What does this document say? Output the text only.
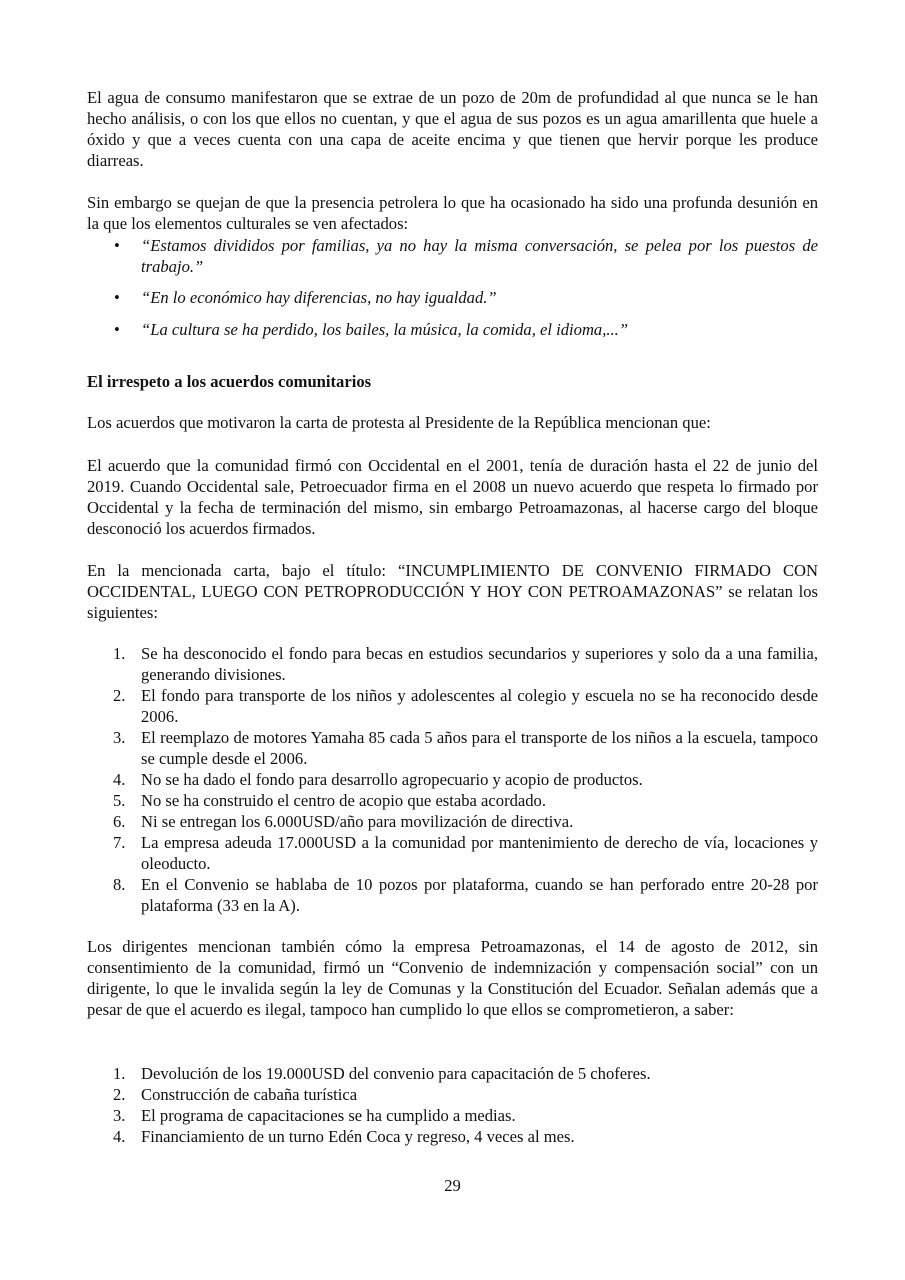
El agua de consumo manifestaron que se extrae de un pozo de 20m de profundidad al que nunca se le han hecho análisis, o con los que ellos no cuentan, y que el agua de sus pozos es un agua amarillenta que huele a óxido y que a veces cuenta con una capa de aceite encima y que tienen que hervir porque les produce diarreas.

Sin embargo se quejan de que la presencia petrolera lo que ha ocasionado ha sido una profunda desunión en la que los elementos culturales se ven afectados:

• “Estamos divididos por familias, ya no hay la misma conversación, se pelea por los puestos de trabajo.”
• “En lo económico hay diferencias, no hay igualdad.”
• “La cultura se ha perdido, los bailes, la música, la comida, el idioma,...”
El irrespeto a los acuerdos comunitarios

Los acuerdos que motivaron la carta de protesta al Presidente de la República mencionan que:

El acuerdo que la comunidad firmó con Occidental en el 2001, tenía de duración hasta el 22 de junio del 2019. Cuando Occidental sale, Petroecuador firma en el 2008 un nuevo acuerdo que respeta lo firmado por Occidental y la fecha de terminación del mismo, sin embargo Petroamazonas, al hacerse cargo del bloque desconoció los acuerdos firmados.

En la mencionada carta, bajo el título: “INCUMPLIMIENTO DE CONVENIO FIRMADO CON OCCIDENTAL, LUEGO CON PETROPRODUCCIÓN Y HOY CON PETROAMAZONAS” se relatan los siguientes:

1. Se ha desconocido el fondo para becas en estudios secundarios y superiores y solo da a una familia, generando divisiones.
2. El fondo para transporte de los niños y adolescentes al colegio y escuela no se ha reconocido desde 2006.
3. El reemplazo de motores Yamaha 85 cada 5 años para el transporte de los niños a la escuela, tampoco se cumple desde el 2006.
4. No se ha dado el fondo para desarrollo agropecuario y acopio de productos.
5. No se ha construido el centro de acopio que estaba acordado.
6. Ni se entregan los 6.000USD/año para movilización de directiva.
7. La empresa adeuda 17.000USD a la comunidad por mantenimiento de derecho de vía, locaciones y oleoducto.
8. En el Convenio se hablaba de 10 pozos por plataforma, cuando se han perforado entre 20-28 por plataforma (33 en la A).

Los dirigentes mencionan también cómo la empresa Petroamazonas, el 14 de agosto de 2012, sin consentimiento de la comunidad, firmó un “Convenio de indemnización y compensación social” con un dirigente, lo que le invalida según la ley de Comunas y la Constitución del Ecuador. Señalan además que a pesar de que el acuerdo es ilegal, tampoco han cumplido lo que ellos se comprometieron, a saber:

1. Devolución de los 19.000USD del convenio para capacitación de 5 choferes.
2. Construcción de cabaña turística
3. El programa de capacitaciones se ha cumplido a medias.
4. Financiamiento de un turno Edén Coca y regreso, 4 veces al mes.
29
